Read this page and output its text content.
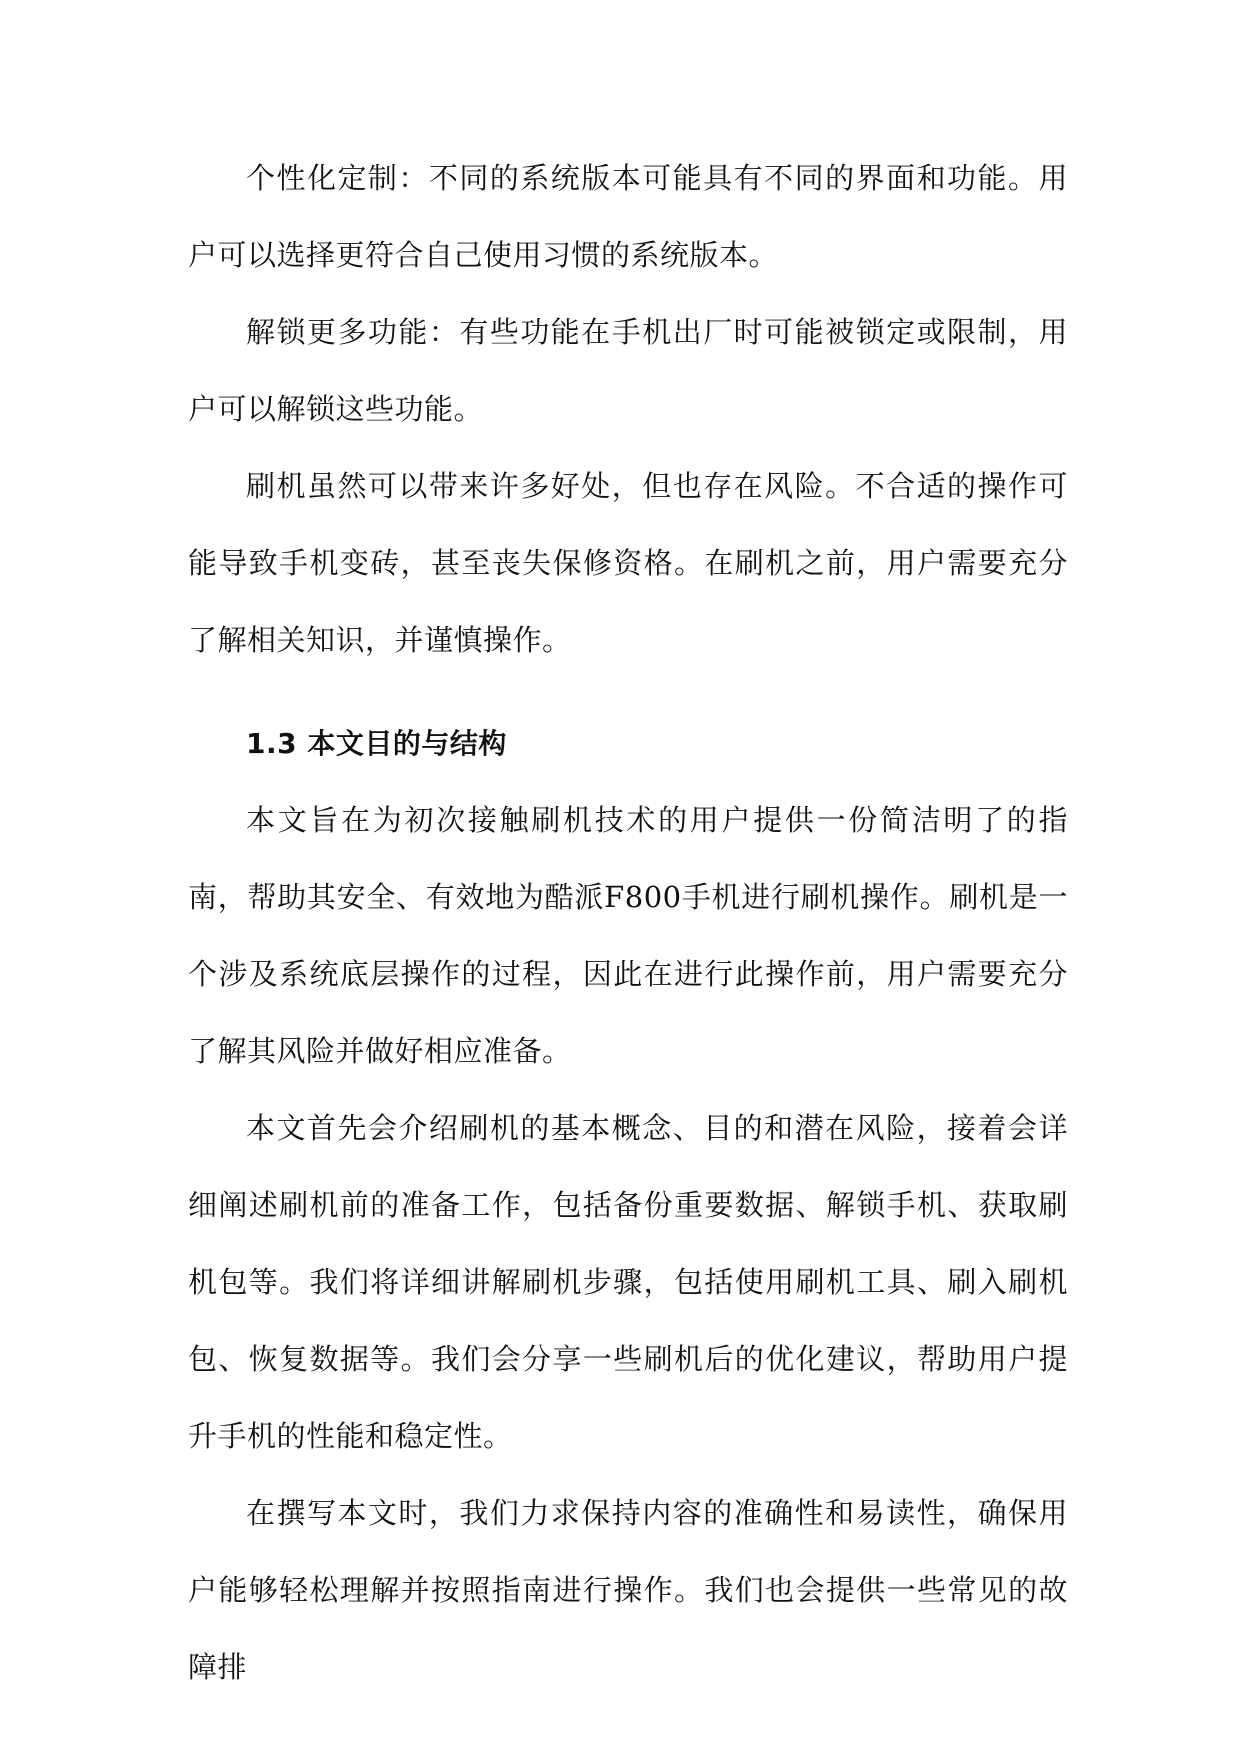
个性化定制：不同的系统版本可能具有不同的界面和功能。用户可以选择更符合自己使用习惯的系统版本。

解锁更多功能：有些功能在手机出厂时可能被锁定或限制，用户可以解锁这些功能。

刷机虽然可以带来许多好处，但也存在风险。不合适的操作可能导致手机变砖，甚至丧失保修资格。在刷机之前，用户需要充分了解相关知识，并谨慎操作。

1.3 本文目的与结构

本文旨在为初次接触刷机技术的用户提供一份简洁明了的指南，帮助其安全、有效地为酷派F800手机进行刷机操作。刷机是一个涉及系统底层操作的过程，因此在进行此操作前，用户需要充分了解其风险并做好相应准备。

本文首先会介绍刷机的基本概念、目的和潜在风险，接着会详细阐述刷机前的准备工作，包括备份重要数据、解锁手机、获取刷机包等。我们将详细讲解刷机步骤，包括使用刷机工具、刷入刷机包、恢复数据等。我们会分享一些刷机后的优化建议，帮助用户提升手机的性能和稳定性。

在撰写本文时，我们力求保持内容的准确性和易读性，确保用户能够轻松理解并按照指南进行操作。我们也会提供一些常见的故障排
